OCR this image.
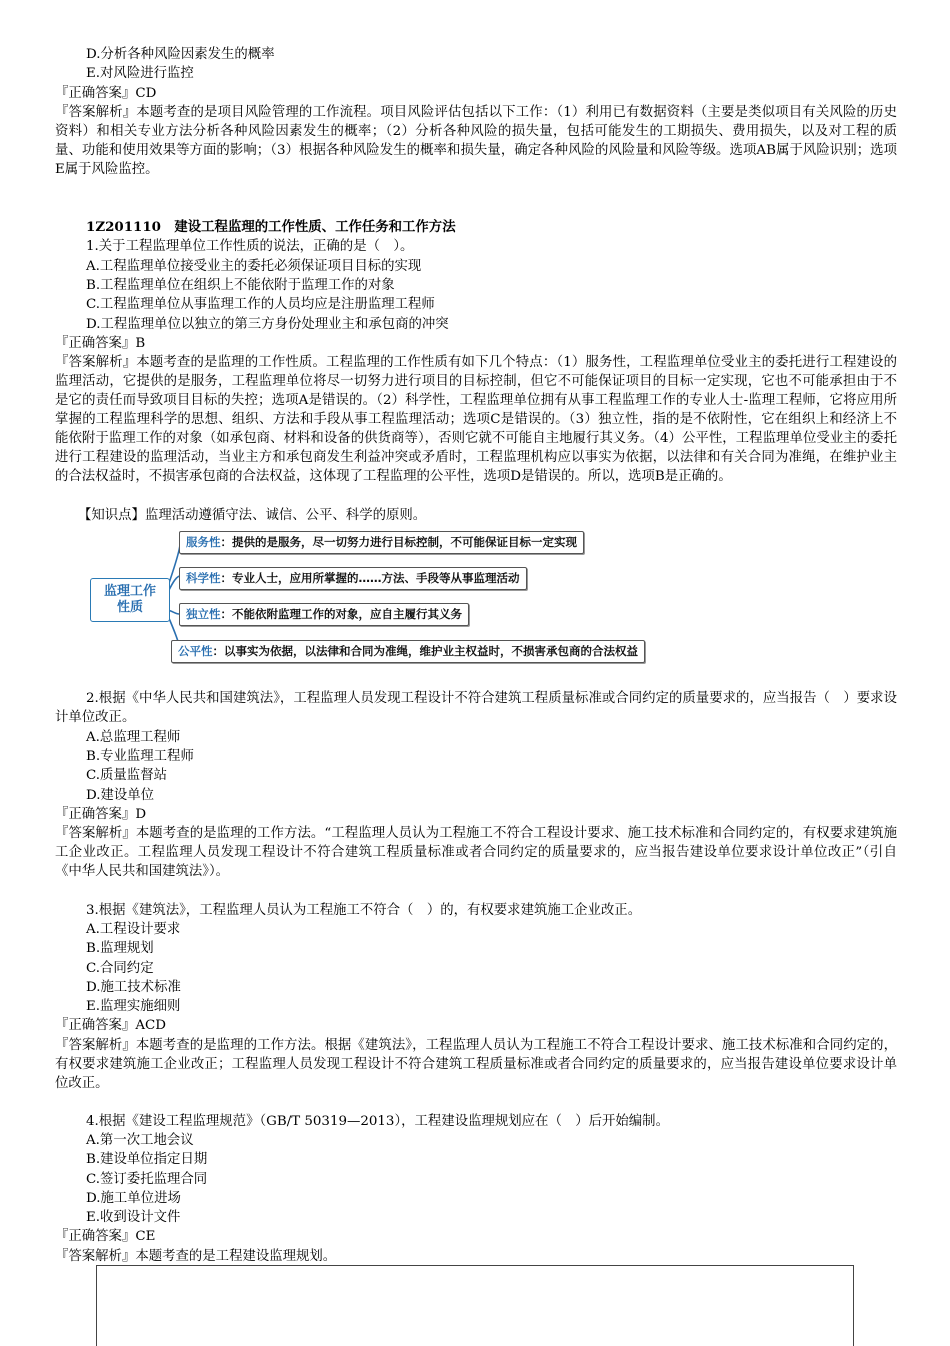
D.分析各种风险因素发生的概率
E.对风险进行监控
『正确答案』CD
『答案解析』本题考查的是项目风险管理的工作流程。项目风险评估包括以下工作：（1）利用已有数据资料（主要是类似项目有关风险的历史资料）和相关专业方法分析各种风险因素发生的概率；（2）分析各种风险的损失量，包括可能发生的工期损失、费用损失，以及对工程的质量、功能和使用效果等方面的影响；（3）根据各种风险发生的概率和损失量，确定各种风险的风险量和风险等级。选项AB属于风险识别；选项E属于风险监控。
1Z201110　建设工程监理的工作性质、工作任务和工作方法
1.关于工程监理单位工作性质的说法，正确的是（　）。
A.工程监理单位接受业主的委托必须保证项目目标的实现
B.工程监理单位在组织上不能依附于监理工作的对象
C.工程监理单位从事监理工作的人员均应是注册监理工程师
D.工程监理单位以独立的第三方身份处理业主和承包商的冲突
『正确答案』B
『答案解析』本题考查的是监理的工作性质。工程监理的工作性质有如下几个特点：（1）服务性，工程监理单位受业主的委托进行工程建设的监理活动，它提供的是服务，工程监理单位将尽一切努力进行项目的目标控制，但它不可能保证项目的目标一定实现，它也不可能承担由于不是它的责任而导致项目目标的失控；选项A是错误的。（2）科学性，工程监理单位拥有从事工程监理工作的专业人士-监理工程师，它将应用所掌握的工程监理科学的思想、组织、方法和手段从事工程监理活动；选项C是错误的。（3）独立性，指的是不依附性，它在组织上和经济上不能依附于监理工作的对象（如承包商、材料和设备的供货商等），否则它就不可能自主地履行其义务。（4）公平性，工程监理单位受业主的委托进行工程建设的监理活动，当业主方和承包商发生利益冲突或矛盾时，工程监理机构应以事实为依据，以法律和有关合同为准绳，在维护业主的合法权益时，不损害承包商的合法权益，这体现了工程监理的公平性，选项D是错误的。所以，选项B是正确的。
【知识点】监理活动遵循守法、诚信、公平、科学的原则。
监理工作
性质
服务性：提供的是服务，尽一切努力进行目标控制，不可能保证目标一定实现
科学性：专业人士，应用所掌握的……方法、手段等从事监理活动
独立性：不能依附监理工作的对象，应自主履行其义务
公平性：以事实为依据，以法律和合同为准绳，维护业主权益时，不损害承包商的合法权益
2.根据《中华人民共和国建筑法》，工程监理人员发现工程设计不符合建筑工程质量标准或合同约定的质量要求的，应当报告（　）要求设计单位改正。
A.总监理工程师
B.专业监理工程师
C.质量监督站
D.建设单位
『正确答案』D
『答案解析』本题考查的是监理的工作方法。“工程监理人员认为工程施工不符合工程设计要求、施工技术标准和合同约定的，有权要求建筑施工企业改正。工程监理人员发现工程设计不符合建筑工程质量标准或者合同约定的质量要求的，应当报告建设单位要求设计单位改正”（引自《中华人民共和国建筑法》）。
3.根据《建筑法》，工程监理人员认为工程施工不符合（　）的，有权要求建筑施工企业改正。
A.工程设计要求
B.监理规划
C.合同约定
D.施工技术标准
E.监理实施细则
『正确答案』ACD
『答案解析』本题考查的是监理的工作方法。根据《建筑法》，工程监理人员认为工程施工不符合工程设计要求、施工技术标准和合同约定的，有权要求建筑施工企业改正；工程监理人员发现工程设计不符合建筑工程质量标准或者合同约定的质量要求的，应当报告建设单位要求设计单位改正。
4.根据《建设工程监理规范》（GB/T 50319—2013），工程建设监理规划应在（　）后开始编制。
A.第一次工地会议
B.建设单位指定日期
C.签订委托监理合同
D.施工单位进场
E.收到设计文件
『正确答案』CE
『答案解析』本题考查的是工程建设监理规划。
